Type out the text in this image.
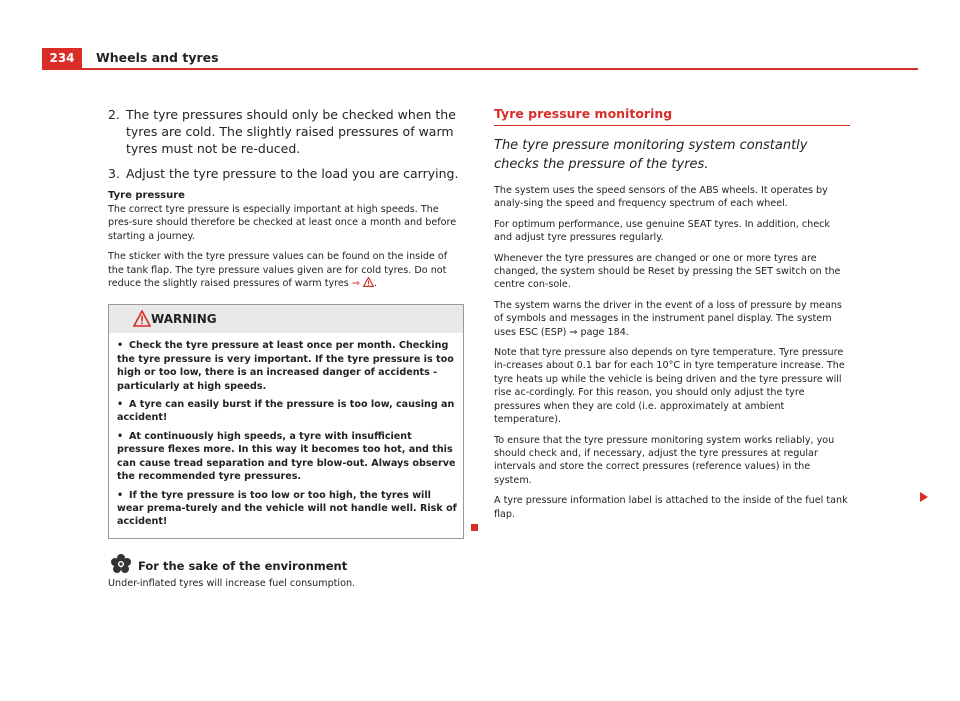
234	Wheels and tyres
2. The tyre pressures should only be checked when the tyres are cold. The slightly raised pressures of warm tyres must not be re-duced.
3. Adjust the tyre pressure to the load you are carrying.
Tyre pressure

The correct tyre pressure is especially important at high speeds. The pres-sure should therefore be checked at least once a month and before starting a journey.

The sticker with the tyre pressure values can be found on the inside of the tank flap. The tyre pressure values given are for cold tyres. Do not reduce the slightly raised pressures of warm tyres ⇒ .

WARNING
• Check the tyre pressure at least once per month. Checking the tyre pressure is very important. If the tyre pressure is too high or too low, there is an increased danger of accidents - particularly at high speeds.
• A tyre can easily burst if the pressure is too low, causing an accident!
• At continuously high speeds, a tyre with insufficient pressure flexes more. In this way it becomes too hot, and this can cause tread separation and tyre blow-out. Always observe the recommended tyre pressures.
• If the tyre pressure is too low or too high, the tyres will wear prema-turely and the vehicle will not handle well. Risk of accident!
For the sake of the environment

Under-inflated tyres will increase fuel consumption.

Tyre pressure monitoring
The tyre pressure monitoring system constantly checks the pressure of the tyres.

The system uses the speed sensors of the ABS wheels. It operates by analy-sing the speed and frequency spectrum of each wheel.

For optimum performance, use genuine SEAT tyres. In addition, check and adjust tyre pressures regularly.

Whenever the tyre pressures are changed or one or more tyres are changed, the system should be Reset by pressing the SET switch on the centre con-sole.

The system warns the driver in the event of a loss of pressure by means of symbols and messages in the instrument panel display. The system uses ESC (ESP) ⇒ page 184.

Note that tyre pressure also depends on tyre temperature. Tyre pressure in-creases about 0.1 bar for each 10°C in tyre temperature increase. The tyre heats up while the vehicle is being driven and the tyre pressure will rise ac-cordingly. For this reason, you should only adjust the tyre pressures when they are cold (i.e. approximately at ambient temperature).

To ensure that the tyre pressure monitoring system works reliably, you should check and, if necessary, adjust the tyre pressures at regular intervals and store the correct pressures (reference values) in the system.

A tyre pressure information label is attached to the inside of the fuel tank flap.
